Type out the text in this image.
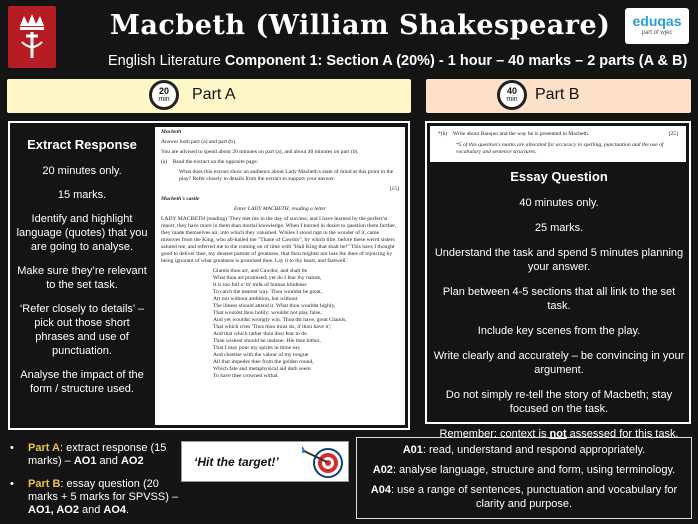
Macbeth (William Shakespeare)
English Literature Component 1: Section A (20%) - 1 hour – 40 marks – 2 parts (A & B)
eduqas
part of wjec
20
min	Part A	40
min	Part B
Extract Response

20 minutes only.

15 marks.

Identify and highlight language (quotes) that you are going to analyse.

Make sure they’re relevant to the set task.

‘Refer closely to details’ – pick out those short phrases and use of punctuation.

Analyse the impact of the form / structure used.

Macbeth

Answer both part (a) and part (b).

You are advised to spend about 20 minutes on part (a), and about 40 minutes on part (b).

(a) Read the extract on the opposite page.

What does this extract show an audience about Lady Macbeth's state of mind at this point in the play? Refer closely to details from the extract to support your answer.

[15]

Macbeth's castle

Enter LADY MACBETH, reading a letter

LADY MACBETH (reading) 'They met me in the day of success; and I have learned by the perfect'st report, they have more in them than mortal knowledge. When I burned in desire to question them further, they made themselves air, into which they vanished. Whiles I stood rapt in the wonder of it, came missives from the King, who all-hailed me "Thane of Cawdor", by which title, before these weird sisters saluted me, and referred me to the coming on of time with "Hail King that shalt be!" This have I thought good to deliver thee, my dearest partner of greatness, that thou mightst not lose the dues of rejoicing by being ignorant of what greatness is promised thee. Lay it to thy heart, and farewell.'

Glamis thou art, and Cawdor, and shalt be

What thou art promised; yet do I fear thy nature,

It is too full o' th' milk of human kindness

To catch the nearest way. Thou wouldst be great,

Art not without ambition, but without

The illness should attend it. What thou wouldst highly,

That wouldst thou holily; wouldst not play false,

And yet wouldst wrongly win. Thou'dst have, great Glamis,

That which cries 'Thus thou must do, if thou have it';

And that which rather thou dost fear to do

Than wishest should be undone. Hie thee hither,

That I may pour my spirits in thine ear,

And chastise with the valour of my tongue

All that impedes thee from the golden round,

Which fate and metaphysical aid doth seem

To have thee crowned withal.

*(b) Write about Banquo and the way he is presented in Macbeth.	[25]
*5 of this question's marks are allocated for accuracy in spelling, punctuation and the use of vocabulary and sentence structures.
Essay Question

40 minutes only.

25 marks.

Understand the task and spend 5 minutes planning your answer.

Plan between 4-5 sections that all link to the set task.

Include key scenes from the play.

Write clearly and accurately – be convincing in your argument.

Do not simply re-tell the story of Macbeth; stay focused on the task.

Remember: context is not assessed for this task.

• Part A: extract response (15 marks) – AO1 and AO2
• Part B: essay question (20 marks + 5 marks for SPVSS) – AO1, AO2 and AO4.
‘Hit the target!’

A01: read, understand and respond appropriately.

A02: analyse language, structure and form, using terminology.

A04: use a range of sentences, punctuation and vocabulary for clarity and purpose.
